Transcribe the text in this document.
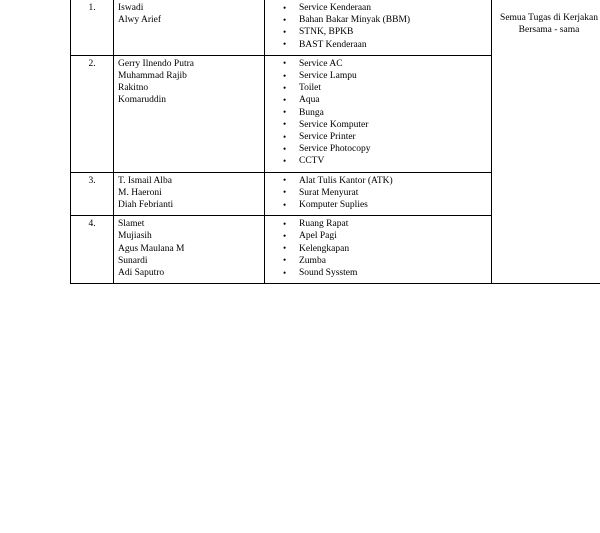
1.	Iswadi
Alwy Arief

• Service Kenderaan
• Bahan Bakar Minyak (BBM)
• STNK, BPKB
• BAST Kenderaan

Semua Tugas di Kerjakan Bersama - sama

2.	Gerry Ilnendo Putra
Muhammad Rajib
Rakitno
Komaruddin

• Service AC
• Service Lampu
• Toilet
• Aqua
• Bunga
• Service Komputer
• Service Printer
• Service Photocopy
• CCTV

3.	T. Ismail Alba
M. Haeroni
Diah Febrianti

• Alat Tulis Kantor (ATK)
• Surat Menyurat
• Komputer Suplies

4.	Slamet
Mujiasih
Agus Maulana M
Sunardi
Adi Saputro

• Ruang Rapat
• Apel Pagi
• Kelengkapan
• Zumba
• Sound Sysstem
